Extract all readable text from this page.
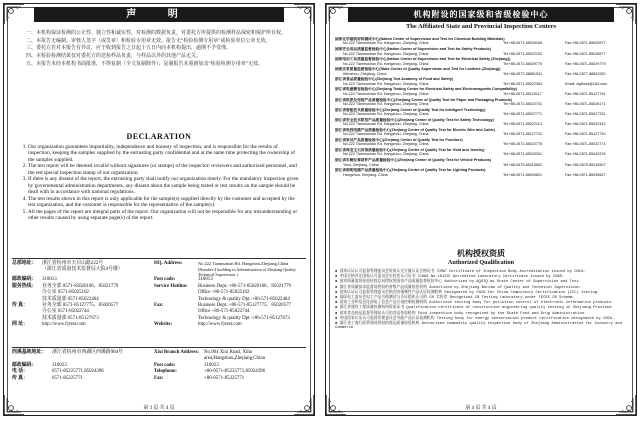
声 明

一、本机构保证检测的公正性、独立性和诚实性，对检测的数据负责，对委托方所提供的检测样品保密和保护所有权。

二、本报告无编制、审核人签字（或签章）和检验专用章无效。报告无“检验检测专用章”或检验单位公章无效。

三、委托方若对本报告有异议，应于收到报告之日起十五日内向本机构提出，逾期不予受理。

四、本检验检测结果仅对委托方的送检样品负责，与样品以外的其他产品无关。

五、本报告未经本机构书面批准，不得复制（全文复制除外）；复制报告未重新加盖“检验检测专用章”无效。

DECLARATION
1. Our organization guarantees impartiality, independence and honesty of inspection, and is responsible for the results of inspection, keeping the samples supplied by the entrusting party confidential and at the same time protecting the ownership of the samples supplied.
2. The test report will be deemed invalid without signatures (or stamps) of the inspector/ reviewers and authorized personnel, and the red special inspection stamp of our organization.
3. If there is any dissent of the report, the entrusting party shall notify our organization timely. For the mandatory inspection given by governmental administration departments, any dissent about the sample being tested or test results on the sample should be dealt with in accordance with national regulations.
4. The test results shown in this report is only applicable for the sample(s) supplied directly by the customer and accepted by the test organization, and the customer is responsible for the representative of the sample(s).
5. All the pages of the report are integral parts of the report. Our organization will not be responsible for any misunderstanding or other results caused by using separate page(s) of the report.
总部地址：	浙江省杭州市天目山路222号	HQ. Address:	No.222 Tianmushan Rd. Hangzhou,Zhejiang,China
	（浙江省质量技术监督局大院4号楼）		(Number 4 building in Administration of Zhejiang Quality Technical Supervision.)
邮政编码：	310013	Post code:	310013
服务热线：	业务全部 0571-85026166、85021779	Service Hotline:	Business Dept.:+86-571-85026166、85021779
	办公室 0571-85025102		Office +86-571-85025102
	技术质量部 0571-85022464		Technology & quality Dpt.:+86-571-85022464
传 真：	业务全部 0571-85127775、85020577	Fax:	Business Dept.:+86-571-85127775、85020577
	办公室 0571-85022744		Office +86-571-85022744
	技术质量部 0571-85127673		Technology & quality Dpt.:+86-571-85127673
网 址：	http://www.fytest.com	Website:	http://www.fytest.com
西溪基地地址：	浙江省杭州市西湖区西溪路904号	Xixi Branch Address:	No.904 Xixi Road, Xihu area,Hangzhou,Zhejiang,China
邮政编码：	310023	Post code:	310023
电 话：	0571-85225771,85024396	Telephone:	+86-0571-85225771,85024396
传 真：	0571-85225771	Fax:	+86-0571-85225771
第 3 页 共 4 页
机构附设的国家级和省级检验中心
The Affiliated State and Provincial Inspection Centers
国家化学建筑材料测试中心(Nation Center of Supervision and Test for Chemical Building Materials)
No.222 Tianmushan Rd. Hangzhou, Zhejiang, China	Tel:+86-0571-85026166	Fax:+86-0571-85020577
国家安全用品质量监督检验中心(Nation Center of Supervision and Test for Safety Products)
No.222 Tianmushan Rd. Hangzhou, Zhejiang, China	Tel:+86-0571-85022102	Fax:+86-0571-85026577
国家电动工具质量监督检验中心(Nation Center of Supervision and Test for Electrical Safety (Zhejiang))
No.222 Tianmushan Rd. Hangzhou, Zhejiang, China	Tel:+86-0571-85029775	Fax:+86-0571-85029779
国家皮革质量监督检验中心(State Center of Quality Supervision and Test for Leathers (Zhejiang))
Wenzhou, Zhejiang, China	Tel:+86-0577-88851531	Fax:+86-0577-88851530
浙江省食品质量检验中心(Zhejiang Test Academy of Food and Safety)
No.222 Tianmushan Rd. Hangzhou, Zhejiang, China	Tel:+86-0571-85022364	Email: zjqtfood@163.com
浙江省电磁兼容检验中心(Zhejiang Testing Center for Electrical Safety and Electromagnetic Compatibility)
No.222 Tianmushan Rd. Hangzhou, Zhejiang, China	Tel:+86-0571-85129117	Fax:+86-0571-85127791
浙江省纸张及包装产品质量检验中心(Zhejiang Center of Quality Test for Paper and Packaging Products)
No.222 Tianmushan Rd. Hangzhou, Zhejiang, China	Tel:+86-0571-85022751	Fax:+86-0571-85026171
浙江省智能技术质量检验中心(Zhejiang Center of Quality Test for Intelligent Technology)
No.222 Tianmushan Rd. Hangzhou, Zhejiang, China	Tel:+86-0571-85027771	Fax:+86-0571-85027331
浙江省安全技术防范产品质量检验中心(Zhejiang Center of Quality Test for Safety Technology)
No.222 Tianmushan Rd. Hangzhou, Zhejiang, China	Tel:+86-0571-85022113	Fax:+86-0571-85022442
浙江省电线电缆产品质量检验中心(Zhejiang Center of Quality Test for Electric Wire and Cable)
No.222 Tianmushan Rd. Hangzhou, Zhejiang, China	Tel:+86-0571-85127731	Fax:+86-0571-85127730
浙江省家具产品质量检验中心(Zhejiang Center of Quality Test for Furniture)
No.222 Tianmushan Rd. Hangzhou, Zhejiang, China	Tel:+86-0571-85022778	Fax:+86-0571-85022774
浙江省珠宝玉石首饰质量检验中心(Zhejiang Center of Quality Test for Gold and Jewelry)
No.222 Tianmushan Rd. Hangzhou, Zhejiang, China	Tel:+86-0571-85029301	Fax:+86-0571-85029378
浙江省车辆及零部件产品质量检验中心(Zhejiang Center of Quality Test for Vehicle Products)
Yiwu, Zhejiang, China	Tel:+86-0579-85315502	Fax:+86-0579-85315507
浙江省照明电器产品质量检验中心(Zhejiang Center of Quality Test for Lighting Products)
Hangzhou, Zhejiang, China	Tel:+86-0571-86930621	Fax:+86-0571-86930627
机构授权资质
Authorized Qualification

◆ 国家认证认可监督管理委员会资质认定计量认证合格证书（CMA）Certificate of Inspection Body Accreditation issued by CNCA.

◆ 中国合格评定国家认可委员会实验室认可证书（CNAS No.L0123）Accredited Laboratory Certificate issued by CNAS.

◆ 国家质量监督检验检疫总局授权的国家产品质量监督检验中心 Authorized by AQSIQ as State Center of Supervision and Test.

◆ 浙江省质量技术监督局授权的省级产品质量检验机构 Authorized by Zhejiang Bureau of Quality and Technical Supervision.

◆ 国家认证认可监督管理委员会指定的强制性产品认证检测机构 Designated by CNCA for China Compulsory Certification (CCC) testing.

◆ 国际电工委员会电工产品合格测试与认证组织认可的 CB 实验室 Recognized CB Testing Laboratory under IECEE CB Scheme.

◆ 国家工业和信息化部电子信息产品污染控制检测机构 Authorized testing body for pollution control of electronic information products.

◆ 浙江省建设工程质量检测机构资质证书 Qualification certificate of construction engineering quality testing in Zhejiang Province.

◆ 国家食品药品监督管理局认可的食品检验机构 Food inspection body recognized by the State Food and Drug Administration.

◆ 中国国家认证认可监督管理委员会节能产品认证检测机构 Testing body for energy conservation product certification designated by CNCA.

◆ 浙江省工商行政管理局授权的商品质量检验机构 Authorized commodity quality inspection body of Zhejiang Administration for Industry and Commerce.

第 4 页 共 4 页
